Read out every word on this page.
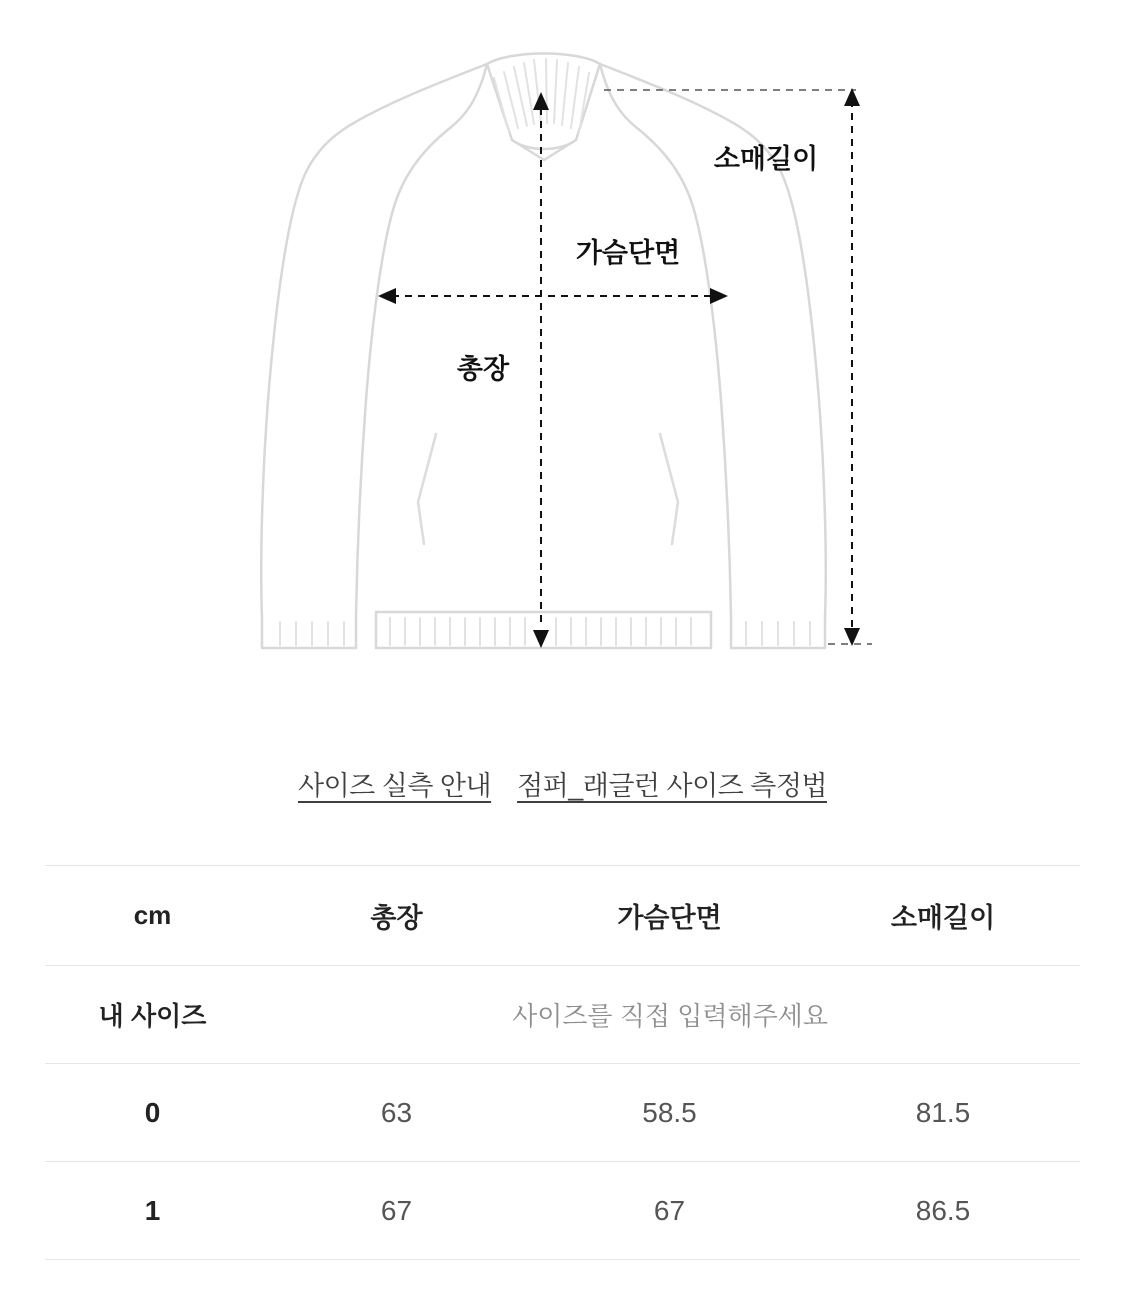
소매길이
가슴단면
총장
사이즈 실측 안내 점퍼_래글런 사이즈 측정법
cm	총장	가슴단면	소매길이
내 사이즈	사이즈를 직접 입력해주세요		
0	63	58.5	81.5
1	67	67	86.5
